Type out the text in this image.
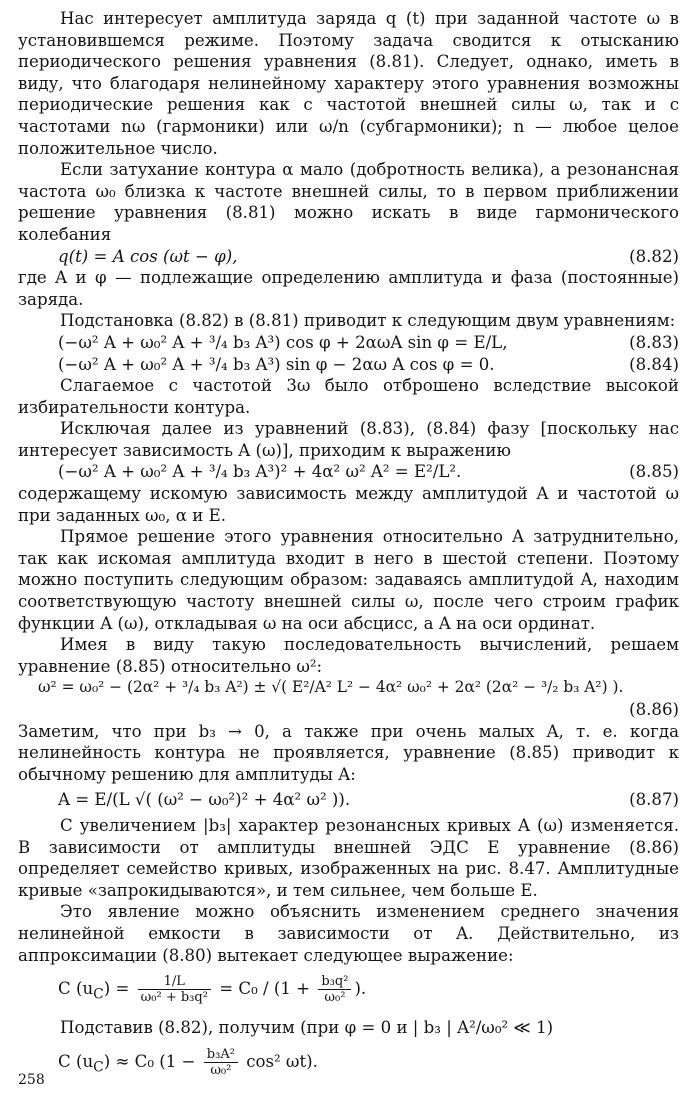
Нас интересует амплитуда заряда q (t) при заданной частоте ω в установившемся режиме. Поэтому задача сводится к отысканию периодического решения уравнения (8.81). Следует, однако, иметь в виду, что благодаря нелинейному характеру этого уравнения возможны периодические решения как с частотой внешней силы ω, так и с частотами nω (гармоники) или ω/n (субгармоники); n — любое целое положительное число.

Если затухание контура α мало (добротность велика), а резонансная частота ω₀ близка к частоте внешней силы, то в первом приближении решение уравнения (8.81) можно искать в виде гармонического колебания

q(t) = A cos (ωt − φ),	(8.82)

где A и φ — подлежащие определению амплитуда и фаза (постоянные) заряда.

Подстановка (8.82) в (8.81) приводит к следующим двум уравнениям:

(−ω² A + ω₀² A + ³/₄ b₃ A³) cos φ + 2αωA sin φ = E/L,	(8.83)
(−ω² A + ω₀² A + ³/₄ b₃ A³) sin φ − 2αω A cos φ = 0.	(8.84)

Слагаемое с частотой 3ω было отброшено вследствие высокой избирательности контура.

Исключая далее из уравнений (8.83), (8.84) фазу [поскольку нас интересует зависимость A (ω)], приходим к выражению

(−ω² A + ω₀² A + ³/₄ b₃ A³)² + 4α² ω² A² = E²/L².	(8.85)

содержащему искомую зависимость между амплитудой A и частотой ω при заданных ω₀, α и E.

Прямое решение этого уравнения относительно A затруднительно, так как искомая амплитуда входит в него в шестой степени. Поэтому можно поступить следующим образом: задаваясь амплитудой A, находим соответствующую частоту внешней силы ω, после чего строим график функции A (ω), откладывая ω на оси абсцисс, а A на оси ординат.

Имея в виду такую последовательность вычислений, решаем уравнение (8.85) относительно ω²:

ω² = ω₀² − (2α² + ³/₄ b₃ A²) ± √( E²/A² L² − 4α² ω₀² + 2α² (2α² − ³/₂ b₃ A²) ).
(8.86)

Заметим, что при b₃ → 0, а также при очень малых A, т. е. когда нелинейность контура не проявляется, уравнение (8.85) приводит к обычному решению для амплитуды A:

A = E/(L √( (ω² − ω₀²)² + 4α² ω² )).	(8.87)

С увеличением |b₃| характер резонансных кривых A (ω) изменяется. В зависимости от амплитуды внешней ЭДС E уравнение (8.86) определяет семейство кривых, изображенных на рис. 8.47. Амплитудные кривые «запрокидываются», и тем сильнее, чем больше E.

Это явление можно объяснить изменением среднего значения нелинейной емкости в зависимости от A. Действительно, из аппроксимации (8.80) вытекает следующее выражение:

C $(u_C) = \frac{1/L}{\text{ω₀² + b₃q²}} = C_0 / (1 + \frac{\text{b₃q²}}{\text{ω₀²}}$ ).

Подставив (8.82), получим (при φ = 0 и | b₃ | A²/ω₀² ≪ 1)

C $(u_C) \approx C_0$ ($1 - \frac{\text{b₃A²}}{\text{ω₀²}} \cos^2$ ωt).
258
